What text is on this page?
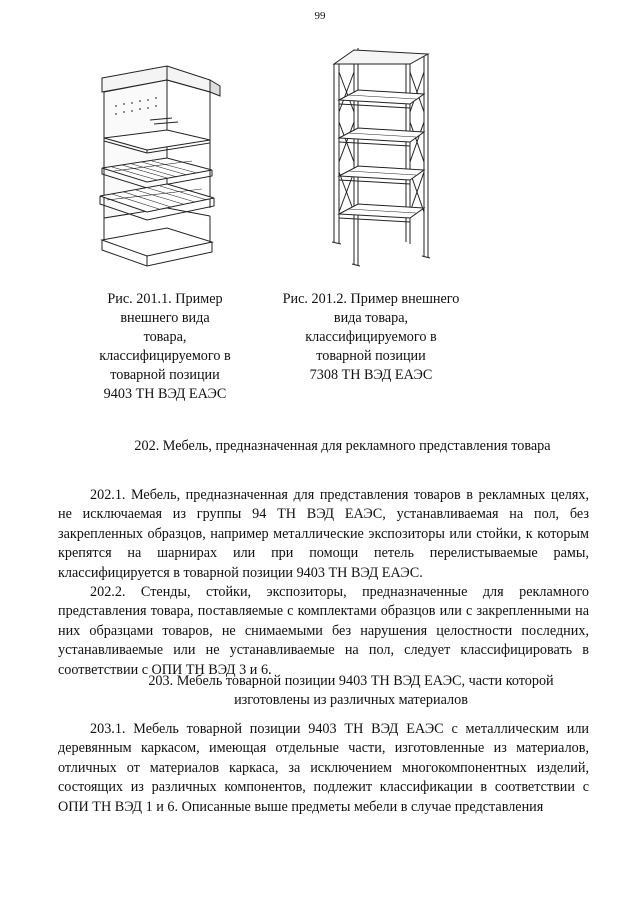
99
Рис. 201.1. Пример
внешнего вида
товара,
классифицируемого в
товарной позиции
9403 ТН ВЭД ЕАЭС
Рис. 201.2. Пример внешнего
вида товара,
классифицируемого в
товарной позиции
7308 ТН ВЭД ЕАЭС
202. Мебель, предназначенная для рекламного представления товара

202.1. Мебель, предназначенная для представления товаров в рекламных целях, не исключаемая из группы 94 ТН ВЭД ЕАЭС, устанавливаемая на пол, без закрепленных образцов, например металлические экспозиторы или стойки, к которым крепятся на шарнирах или при помощи петель перелистываемые рамы, классифицируется в товарной позиции 9403 ТН ВЭД ЕАЭС.

202.2. Стенды, стойки, экспозиторы, предназначенные для рекламного представления товара, поставляемые с комплектами образцов или с закрепленными на них образцами товаров, не снимаемыми без нарушения целостности последних, устанавливаемые или не устанавливаемые на пол, следует классифицировать в соответствии с ОПИ ТН ВЭД 3 и 6.

203. Мебель товарной позиции 9403 ТН ВЭД ЕАЭС, части которой
изготовлены из различных материалов

203.1. Мебель товарной позиции 9403 ТН ВЭД ЕАЭС с металлическим или деревянным каркасом, имеющая отдельные части, изготовленные из материалов, отличных от материалов каркаса, за исключением многокомпонентных изделий, состоящих из различных компонентов, подлежит классификации в соответствии с ОПИ ТН ВЭД 1 и 6. Описанные выше предметы мебели в случае представления
